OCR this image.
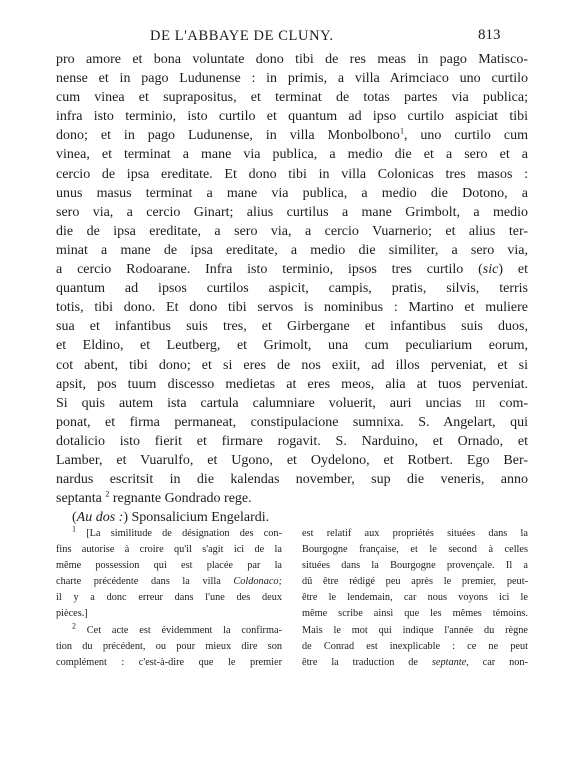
DE L'ABBAYE DE CLUNY.	813
pro amore et bona voluntate dono tibi de res meas in pago Matisco-
nense et in pago Ludunense : in primis, a villa Arimciaco uno curtilo
cum vinea et suprapositus, et terminat de totas partes via publica;
infra isto terminio, isto curtilo et quantum ad ipso curtilo aspiciat tibi
dono; et in pago Ludunense, in villa Monbolbono$^1$, uno curtilo cum
vinea, et terminat a mane via publica, a medio die et a sero et a
cercio de ipsa ereditate. Et dono tibi in villa Colonicas tres masos :
unus masus terminat a mane via publica, a medio die Dotono, a
sero via, a cercio Ginart; alius curtilus a mane Grimbolt, a medio
die de ipsa ereditate, a sero via, a cercio Vuarnerio; et alius ter-
minat a mane de ipsa ereditate, a medio die similiter, a sero via,
a cercio Rodoarane. Infra isto terminio, ipsos tres curtilo (sic) et
quantum ad ipsos curtilos aspicit, campis, pratis, silvis, terris
totis, tibi dono. Et dono tibi servos is nominibus : Martino et muliere
sua et infantibus suis tres, et Girbergane et infantibus suis duos,
et Eldino, et Leutberg, et Grimolt, una cum peculiarium eorum,
cot abent, tibi dono; et si eres de nos exiit, ad illos perveniat, et si
apsit, pos tuum discesso medietas at eres meos, alia at tuos perveniat.
Si quis autem ista cartula calumniare voluerit, auri uncias iii com-
ponat, et firma permaneat, constipulacione sumnixa. S. Angelart, qui
dotalicio isto fierit et firmare rogavit. S. Narduino, et Ornado, et
Lamber, et Vuarulfo, et Ugono, et Oydelono, et Rotbert. Ego Ber-
nardus escritsit in die kalendas november, sup die veneris, anno
septanta $^2$ regnante Gondrado rege.
(Au dos :) Sponsalicium Engelardi.
$^1$ [La similitude de désignation des con-
fins autorise à croire qu'il s'agit ici de la
même possession qui est placée par la
charte précédente dans la villa Coldonaco;
il y a donc erreur dans l'une des deux
pièces.]
$^2$ Cet acte est évidemment la confirma-
tion du précédent, ou pour mieux dire son
complément : c'est-à-dire que le premier
est relatif aux propriétés situées dans la
Bourgogne française, et le second à celles
situées dans la Bourgogne provençale. Il a
dû être rédigé peu après le premier, peut-
être le lendemain, car nous voyons ici le
même scribe ainsi que les mêmes témoins.
Mais le mot qui indique l'année du règne
de Conrad est inexplicable : ce ne peut
être la traduction de septante, car non-
